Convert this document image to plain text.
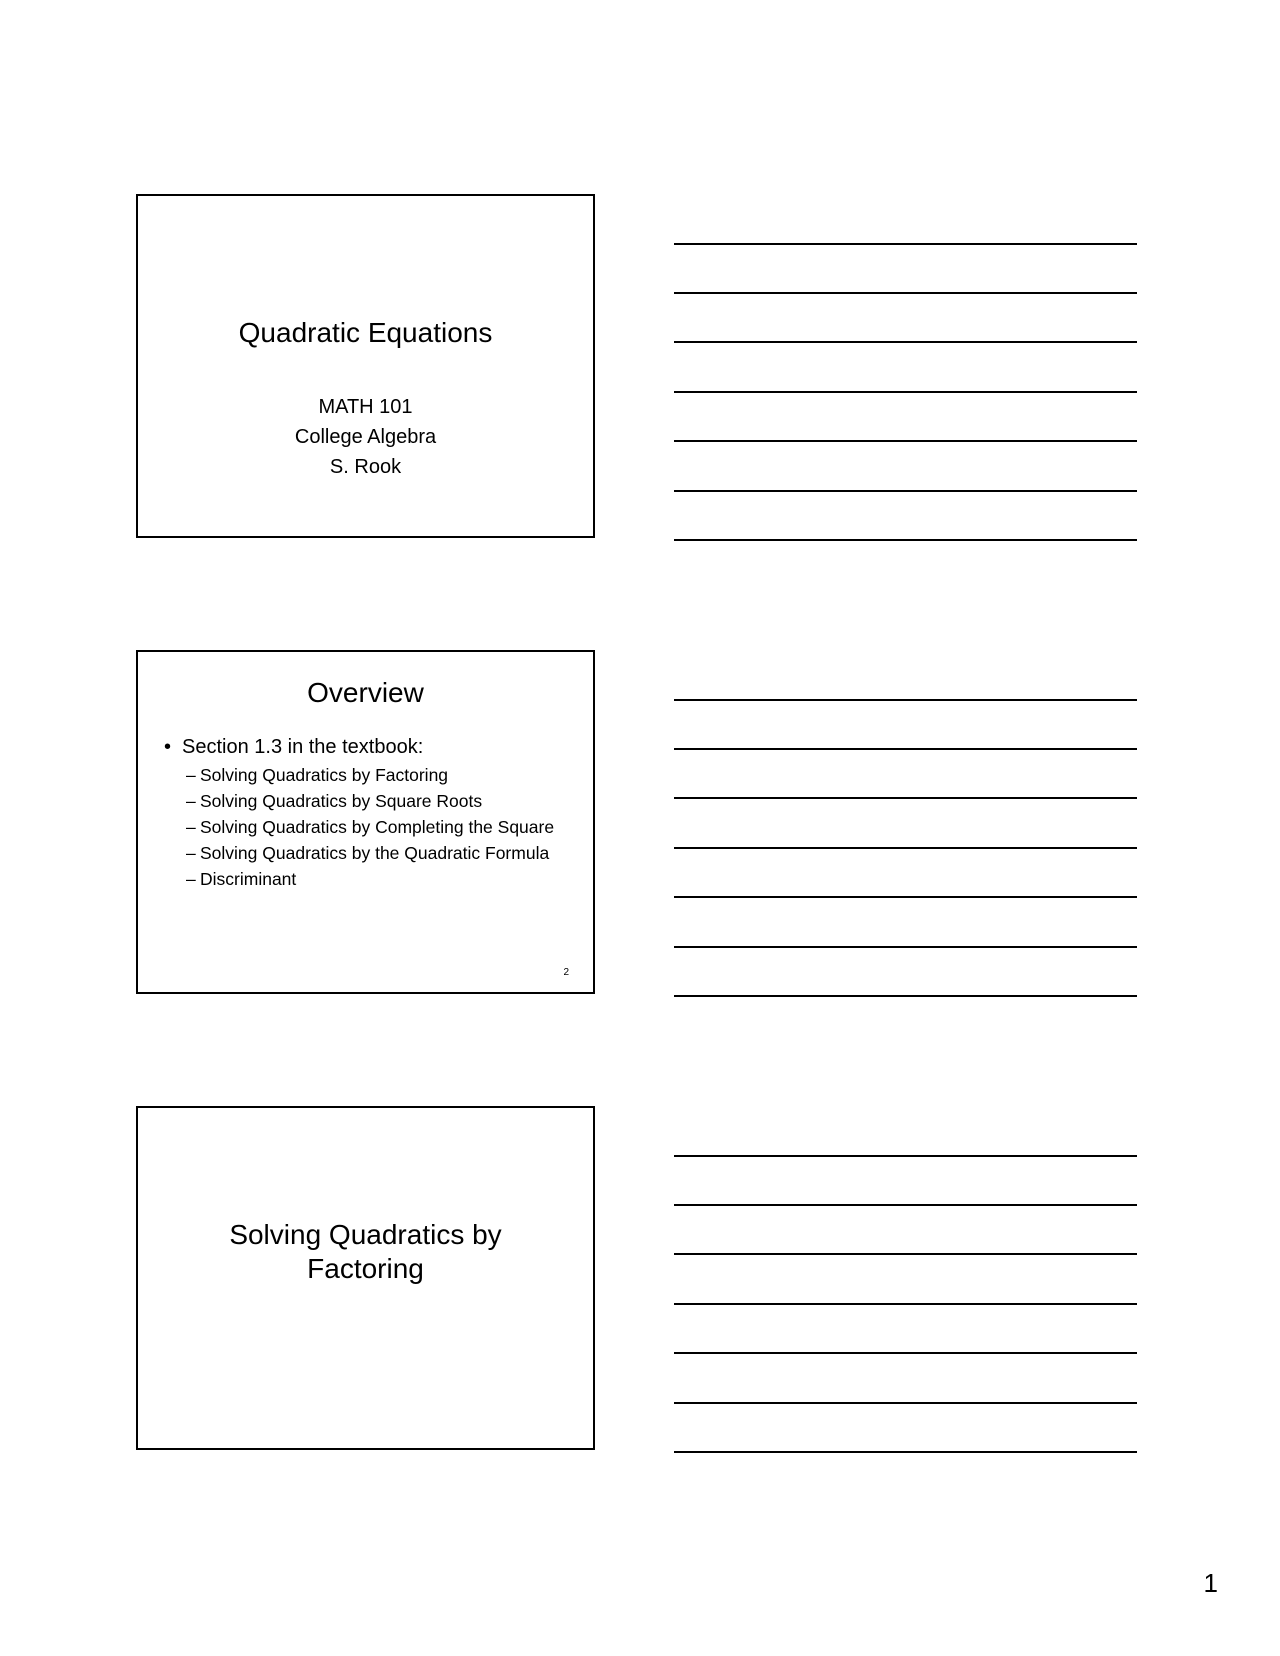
Quadratic Equations
MATH 101
College Algebra
S. Rook
Overview
• Section 1.3 in the textbook:
– Solving Quadratics by Factoring
– Solving Quadratics by Square Roots
– Solving Quadratics by Completing the Square
– Solving Quadratics by the Quadratic Formula
– Discriminant
2
Solving Quadratics by
Factoring
1
